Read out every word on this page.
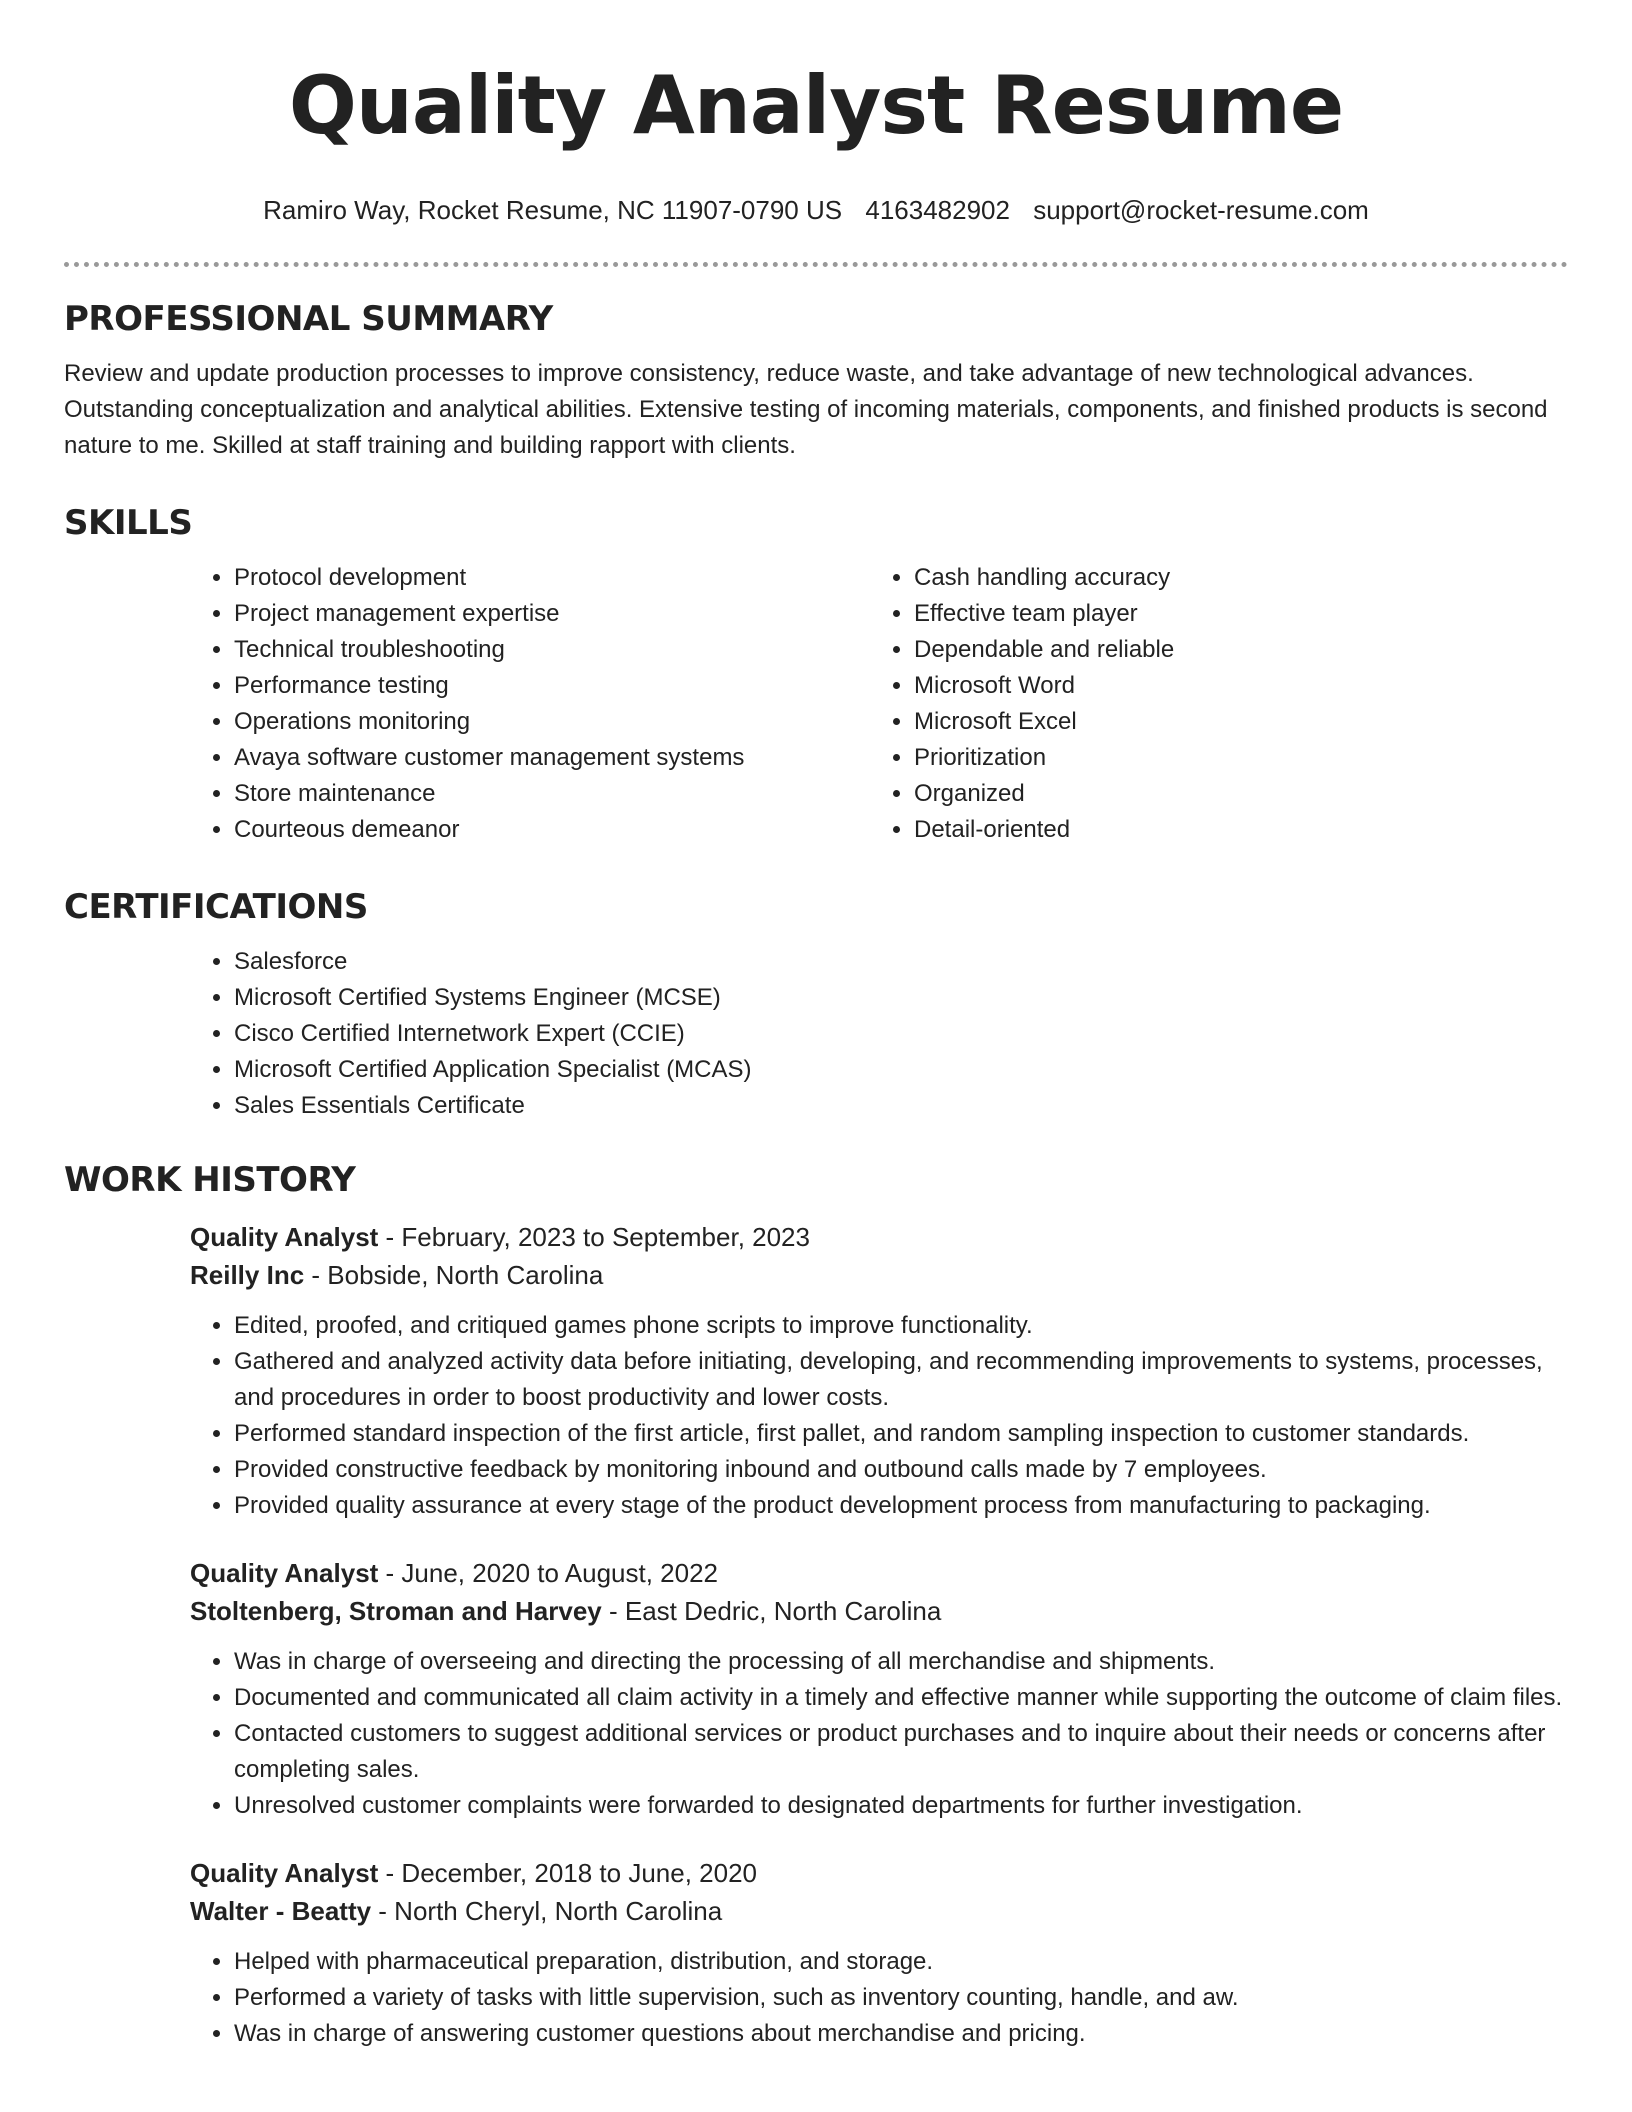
Quality Analyst Resume
Ramiro Way, Rocket Resume, NC 11907-0790 US 4163482902 support@rocket-resume.com
PROFESSIONAL SUMMARY

Review and update production processes to improve consistency, reduce waste, and take advantage of new technological advances. Outstanding conceptualization and analytical abilities. Extensive testing of incoming materials, components, and finished products is second nature to me. Skilled at staff training and building rapport with clients.

SKILLS
• Protocol development
• Project management expertise
• Technical troubleshooting
• Performance testing
• Operations monitoring
• Avaya software customer management systems
• Store maintenance
• Courteous demeanor
• Cash handling accuracy
• Effective team player
• Dependable and reliable
• Microsoft Word
• Microsoft Excel
• Prioritization
• Organized
• Detail-oriented
CERTIFICATIONS
• Salesforce
• Microsoft Certified Systems Engineer (MCSE)
• Cisco Certified Internetwork Expert (CCIE)
• Microsoft Certified Application Specialist (MCAS)
• Sales Essentials Certificate
WORK HISTORY

Quality Analyst - February, 2023 to September, 2023

Reilly Inc - Bobside, North Carolina

• Edited, proofed, and critiqued games phone scripts to improve functionality.
• Gathered and analyzed activity data before initiating, developing, and recommending improvements to systems, processes, and procedures in order to boost productivity and lower costs.
• Performed standard inspection of the first article, first pallet, and random sampling inspection to customer standards.
• Provided constructive feedback by monitoring inbound and outbound calls made by 7 employees.
• Provided quality assurance at every stage of the product development process from manufacturing to packaging.

Quality Analyst - June, 2020 to August, 2022

Stoltenberg, Stroman and Harvey - East Dedric, North Carolina

• Was in charge of overseeing and directing the processing of all merchandise and shipments.
• Documented and communicated all claim activity in a timely and effective manner while supporting the outcome of claim files.
• Contacted customers to suggest additional services or product purchases and to inquire about their needs or concerns after completing sales.
• Unresolved customer complaints were forwarded to designated departments for further investigation.

Quality Analyst - December, 2018 to June, 2020

Walter - Beatty - North Cheryl, North Carolina

• Helped with pharmaceutical preparation, distribution, and storage.
• Performed a variety of tasks with little supervision, such as inventory counting, handle, and aw.
• Was in charge of answering customer questions about merchandise and pricing.
